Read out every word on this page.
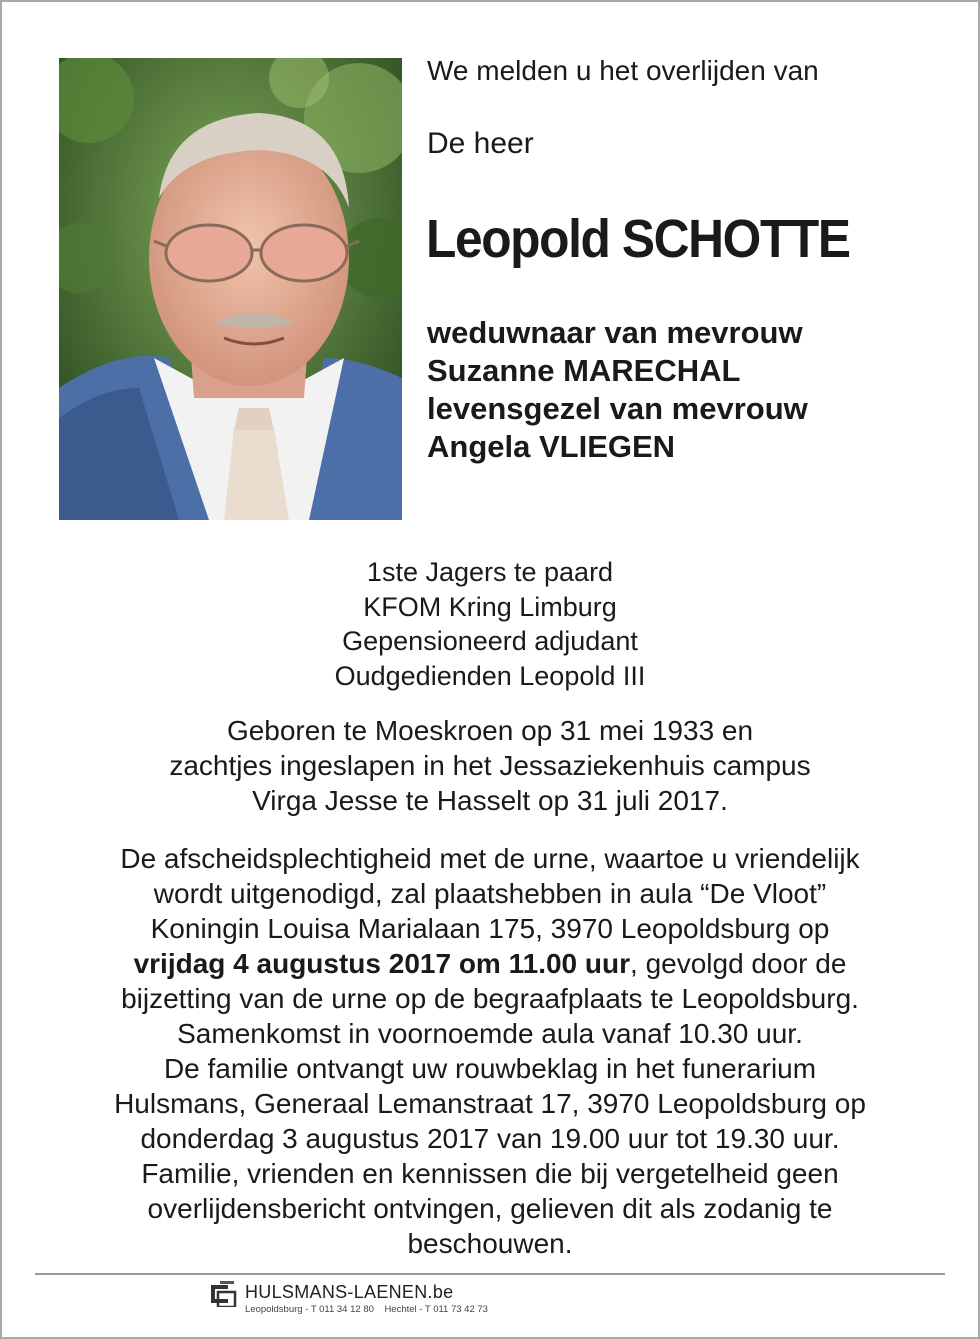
We melden u het overlijden van

De heer

Leopold SCHOTTE

weduwnaar van mevrouw
Suzanne MARECHAL
levensgezel van mevrouw
Angela VLIEGEN
1ste Jagers te paard
KFOM Kring Limburg
Gepensioneerd adjudant
Oudgedienden Leopold III
Geboren te Moeskroen op 31 mei 1933 en
zachtjes ingeslapen in het Jessaziekenhuis campus
Virga Jesse te Hasselt op 31 juli 2017.
De afscheidsplechtigheid met de urne, waartoe u vriendelijk
wordt uitgenodigd, zal plaatshebben in aula “De Vloot”
Koningin Louisa Marialaan 175, 3970 Leopoldsburg op
vrijdag 4 augustus 2017 om 11.00 uur, gevolgd door de
bijzetting van de urne op de begraafplaats te Leopoldsburg.
Samenkomst in voornoemde aula vanaf 10.30 uur.
De familie ontvangt uw rouwbeklag in het funerarium
Hulsmans, Generaal Lemanstraat 17, 3970 Leopoldsburg op
donderdag 3 augustus 2017 van 19.00 uur tot 19.30 uur.
Familie, vrienden en kennissen die bij vergetelheid geen
overlijdensbericht ontvingen, gelieven dit als zodanig te
beschouwen.
HULSMANS-LAENEN.be
Leopoldsburg - T 011 34 12 80    Hechtel - T 011 73 42 73
